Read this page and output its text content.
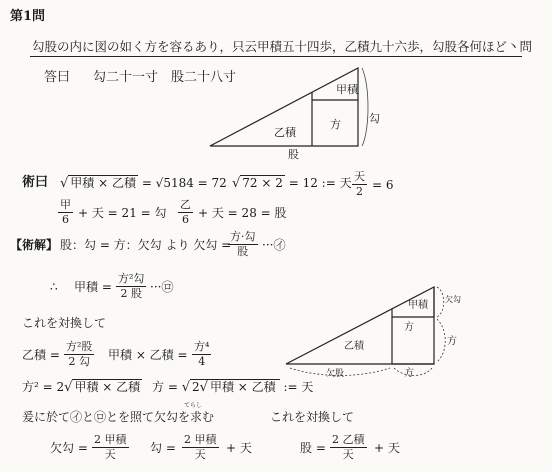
第1問
勾股の内に図の如く方を容るあり，只云甲積五十四歩，乙積九十六歩，勾股各何ほど丶問
答曰 勾二十一寸　股二十八寸
甲積
勾
方
乙積
股
術曰 √ 甲積 × 乙積 = √5184 = 72 √ 72 × 2 = 12 := 天 天
2 = 6
甲
6 + 天 = 21 = 勾
乙
6 + 天 = 28 = 股
【術解】 股：勾 = 方：欠勾 より 欠勾 =
方·勾
股 ···㋑
∴ 甲積 =
方²勾
2 股 ···㋺
これを対換して
乙積 =
方²股
2 勾 甲積 × 乙積 =
方⁴
4
方² = 2√ 甲積 × 乙積 方 = √ 2√ 甲積 × 乙積 := 天
爰に於て㋑と㋺とを照て欠勾を求む
てらし
これを対換して
欠勾 =
2 甲積
天	勾 =
2 甲積
天 + 天	股 =
2 乙積
天 + 天
甲積
欠勾
方
方
乙積
欠股	方
